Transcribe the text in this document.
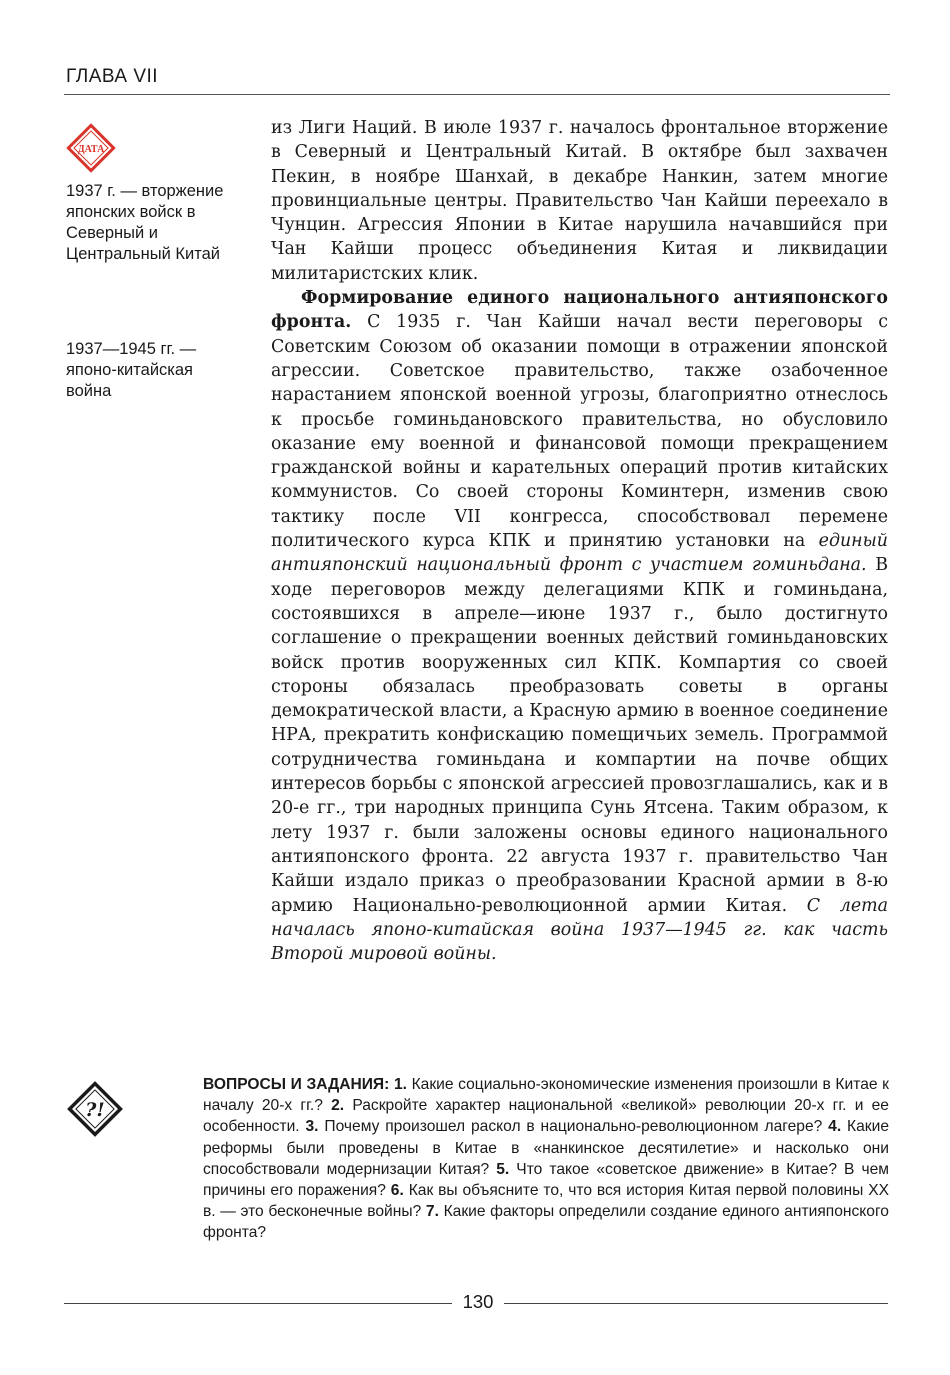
ГЛАВА VII
ДАТА

1937 г. — вторжение японских войск в Северный и Центральный Китай

1937—1945 гг. — японо-китайская война

из Лиги Наций. В июле 1937 г. началось фронтальное вторжение в Северный и Центральный Китай. В октябре был захвачен Пекин, в ноябре Шанхай, в декабре Нанкин, затем многие провинциальные центры. Правительство Чан Кайши переехало в Чунцин. Агрессия Японии в Китае нарушила начавшийся при Чан Кайши процесс объединения Китая и ликвидации милитаристских клик.

Формирование единого национального антияпонского фронта. С 1935 г. Чан Кайши начал вести переговоры с Советским Союзом об оказании помощи в отражении японской агрессии. Советское правительство, также озабоченное нарастанием японской военной угрозы, благоприятно отнеслось к просьбе гоминьдановского правительства, но обусловило оказание ему военной и финансовой помощи прекращением гражданской войны и карательных операций против китайских коммунистов. Со своей стороны Коминтерн, изменив свою тактику после VII конгресса, способствовал перемене политического курса КПК и принятию установки на единый антияпонский национальный фронт с участием гоминьдана. В ходе переговоров между делегациями КПК и гоминьдана, состоявшихся в апреле—июне 1937 г., было достигнуто соглашение о прекращении военных действий гоминьдановских войск против вооруженных сил КПК. Компартия со своей стороны обязалась преобразовать советы в органы демократической власти, а Красную армию в военное соединение НРА, прекратить конфискацию помещичьих земель. Программой сотрудничества гоминьдана и компартии на почве общих интересов борьбы с японской агрессией провозглашались, как и в 20-е гг., три народных принципа Сунь Ятсена. Таким образом, к лету 1937 г. были заложены основы единого национального антияпонского фронта. 22 августа 1937 г. правительство Чан Кайши издало приказ о преобразовании Красной армии в 8-ю армию Национально-революционной армии Китая. С лета началась японо-китайская война 1937—1945 гг. как часть Второй мировой войны.

?!

ВОПРОСЫ И ЗАДАНИЯ: 1. Какие социально-экономические изменения произошли в Китае к началу 20-х гг.? 2. Раскройте характер национальной «великой» революции 20-х гг. и ее особенности. 3. Почему произошел раскол в национально-революционном лагере? 4. Какие реформы были проведены в Китае в «нанкинское десятилетие» и насколько они способствовали модернизации Китая? 5. Что такое «советское движение» в Китае? В чем причины его поражения? 6. Как вы объясните то, что вся история Китая первой половины XX в. — это бесконечные войны? 7. Какие факторы определили создание единого антияпонского фронта?

130
